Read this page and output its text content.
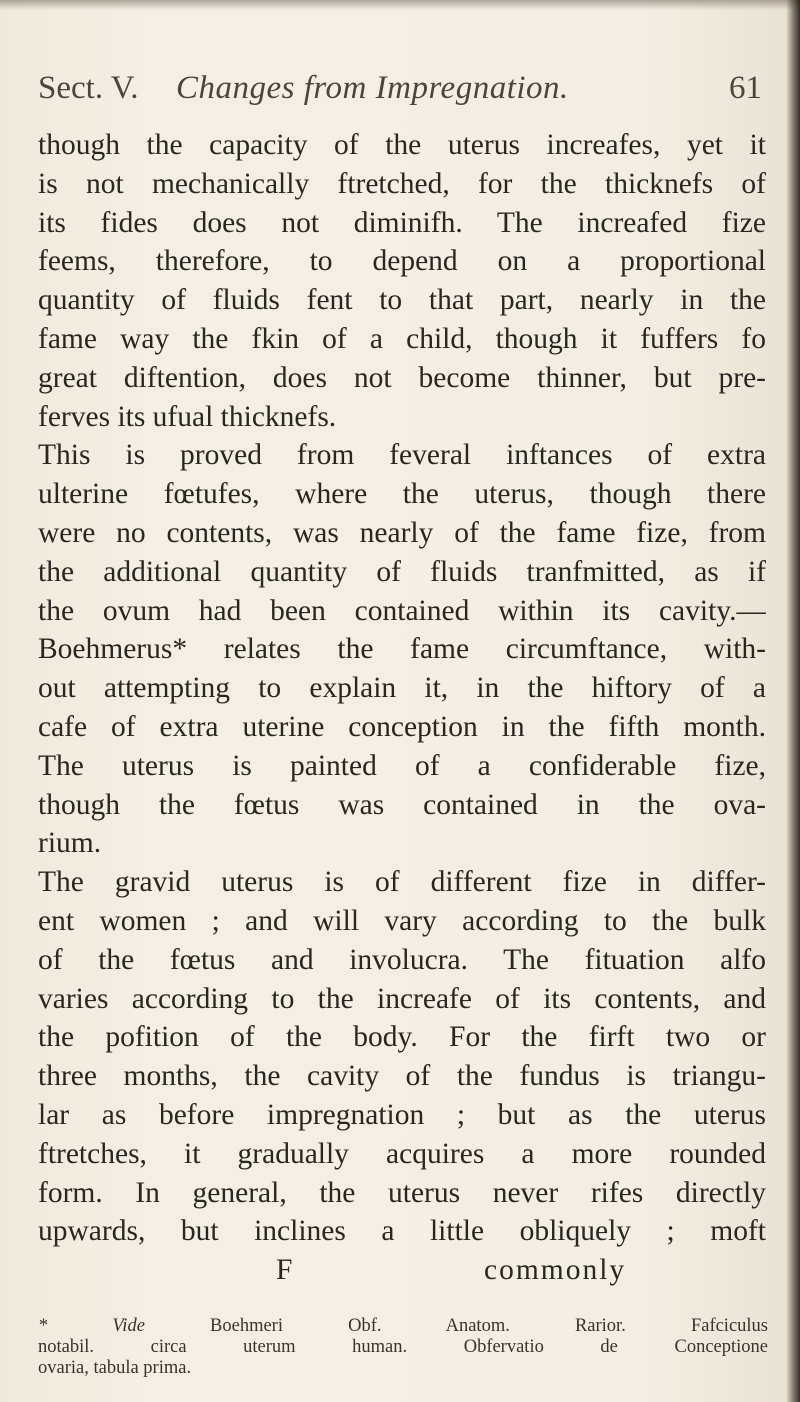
Sect. V. Changes from Impregnation.	61
though the capacity of the uterus increafes, yet it
is not mechanically ftretched, for the thicknefs of
its fides does not diminifh. The increafed fize
feems, therefore, to depend on a proportional
quantity of fluids fent to that part, nearly in the
fame way the fkin of a child, though it fuffers fo
great diftention, does not become thinner, but pre-
ferves its ufual thicknefs.
This is proved from feveral inftances of extra
ulterine fœtufes, where the uterus, though there
were no contents, was nearly of the fame fize, from
the additional quantity of fluids tranfmitted, as if
the ovum had been contained within its cavity.—
Boehmerus* relates the fame circumftance, with-
out attempting to explain it, in the hiftory of a
cafe of extra uterine conception in the fifth month.
The uterus is painted of a confiderable fize,
though the fœtus was contained in the ova-
rium.
The gravid uterus is of different fize in differ-
ent women ; and will vary according to the bulk
of the fœtus and involucra. The fituation alfo
varies according to the increafe of its contents, and
the pofition of the body. For the firft two or
three months, the cavity of the fundus is triangu-
lar as before impregnation ; but as the uterus
ftretches, it gradually acquires a more rounded
form. In general, the uterus never rifes directly
upwards, but inclines a little obliquely ; moft
F	commonly
* Vide	Boehmeri Obf. Anatom. Rarior. Fafciculus
notabil. circa uterum human. Obfervatio de Conceptione
ovaria, tabula prima.
